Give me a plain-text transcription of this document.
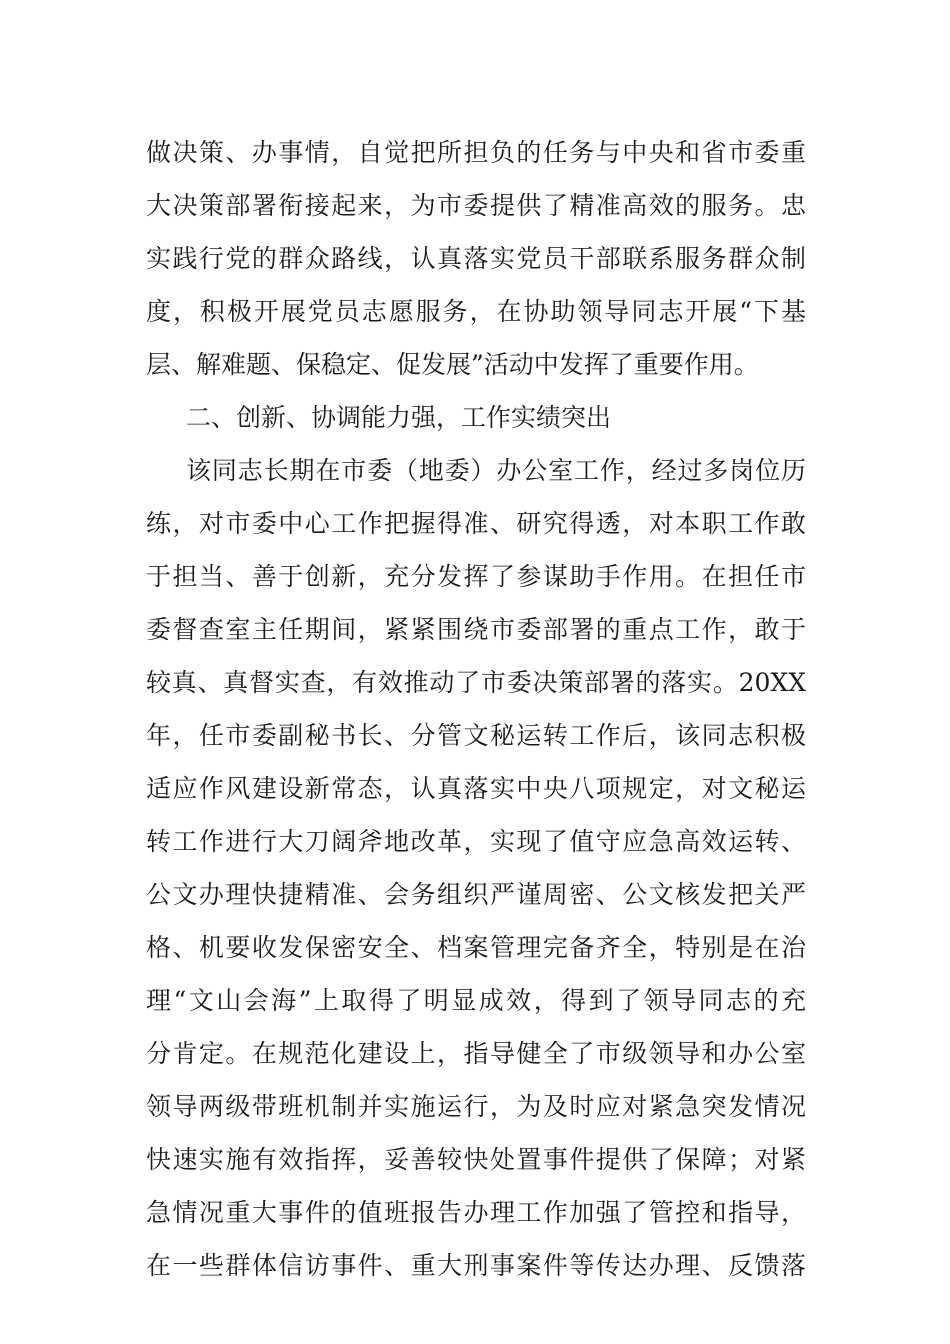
做决策、办事情，自觉把所担负的任务与中央和省市委重
大决策部署衔接起来，为市委提供了精准高效的服务。忠
实践行党的群众路线，认真落实党员干部联系服务群众制
度，积极开展党员志愿服务，在协助领导同志开展“下基
层、解难题、保稳定、促发展”活动中发挥了重要作用。
二、创新、协调能力强，工作实绩突出
该同志长期在市委（地委）办公室工作，经过多岗位历
练，对市委中心工作把握得准、研究得透，对本职工作敢
于担当、善于创新，充分发挥了参谋助手作用。在担任市
委督查室主任期间，紧紧围绕市委部署的重点工作，敢于
较真、真督实查，有效推动了市委决策部署的落实。20XX
年，任市委副秘书长、分管文秘运转工作后，该同志积极
适应作风建设新常态，认真落实中央八项规定，对文秘运
转工作进行大刀阔斧地改革，实现了值守应急高效运转、
公文办理快捷精准、会务组织严谨周密、公文核发把关严
格、机要收发保密安全、档案管理完备齐全，特别是在治
理“文山会海”上取得了明显成效，得到了领导同志的充
分肯定。在规范化建设上，指导健全了市级领导和办公室
领导两级带班机制并实施运行，为及时应对紧急突发情况
快速实施有效指挥，妥善较快处置事件提供了保障；对紧
急情况重大事件的值班报告办理工作加强了管控和指导，
在一些群体信访事件、重大刑事案件等传达办理、反馈落
